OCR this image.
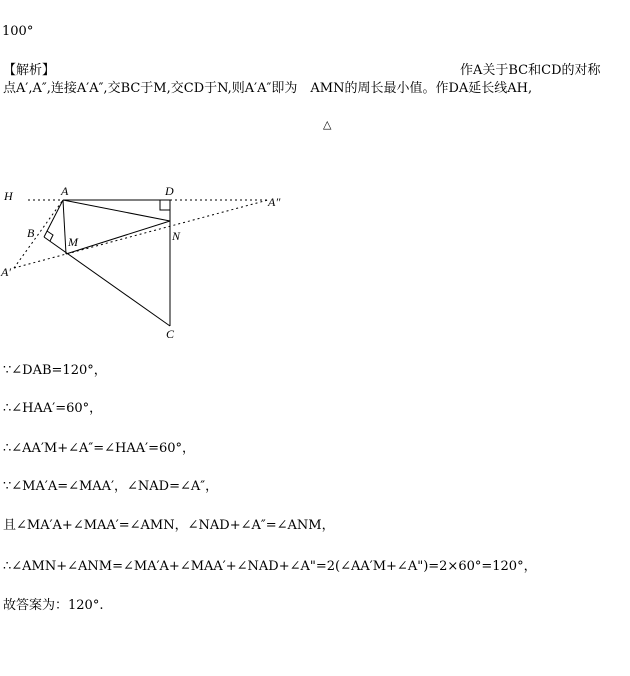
100°
【解析】	作A关于BC和CD的对称
点A′,A″,连接A′A″,交BC于M,交CD于N,则A′A″即为　AMN的周长最小值。作DA延长线AH,
△
H	A	D
A″
B
M	N
A′
C
∵∠DAB=120°，
∴∠HAA′=60°，
∴∠AA′M+∠A″=∠HAA′=60°，
∵∠MA′A=∠MAA′，∠NAD=∠A″，
且∠MA′A+∠MAA′=∠AMN，∠NAD+∠A″=∠ANM，
∴∠AMN+∠ANM=∠MA′A+∠MAA′+∠NAD+∠A"=2(∠AA′M+∠A")=2×60°=120°，
故答案为：120°.
